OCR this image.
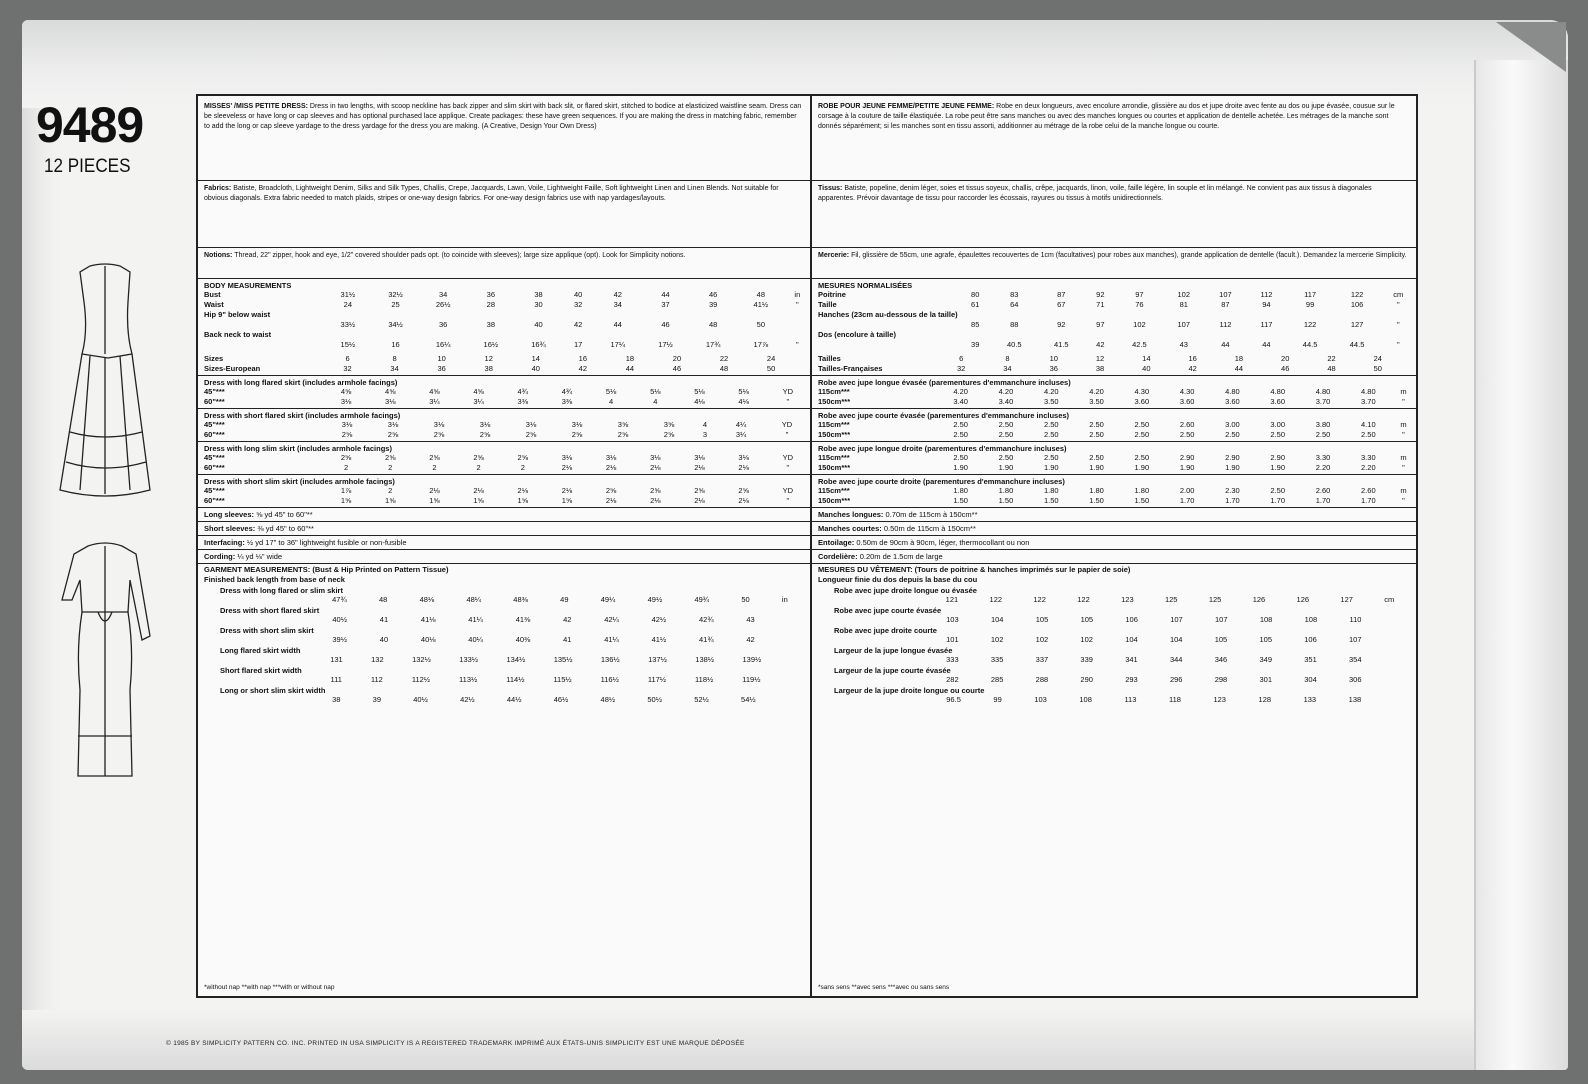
9489
12 PIECES

MISSES' /MISS PETITE DRESS: Dress in two lengths, with scoop neckline has back zipper and slim skirt with back slit, or flared skirt, stitched to bodice at elasticized waistline seam. Dress can be sleeveless or have long or cap sleeves and has optional purchased lace applique. Create packages: these have green sequences. If you are making the dress in matching fabric, remember to add the long or cap sleeve yardage to the dress yardage for the dress you are making. (A Creative, Design Your Own Dress)

Fabrics: Batiste, Broadcloth, Lightweight Denim, Silks and Silk Types, Challis, Crepe, Jacquards, Lawn, Voile, Lightweight Faille, Soft lightweight Linen and Linen Blends. Not suitable for obvious diagonals. Extra fabric needed to match plaids, stripes or one-way design fabrics. For one-way design fabrics use with nap yardages/layouts.

Notions: Thread, 22" zipper, hook and eye, 1/2" covered shoulder pads opt. (to coincide with sleeves); large size applique (opt). Look for Simplicity notions.

BODY MEASUREMENTS

Bust	31½	32½	34	36	38	40	42	44	46	48	in
Waist	24	25	26½	28	30	32	34	37	39	41½	"
Hip 9" below waist											
	33½	34½	36	38	40	42	44	46	48	50	
Back neck to waist											
	15½	16	16¼	16½	16¾	17	17¼	17½	17¾	17⅞	"
Sizes	6	8	10	12	14	16	18	20	22	24	
Sizes-European	32	34	36	38	40	42	44	46	48	50	

Dress with long flared skirt (includes armhole facings)

45"***	4⅝	4⅝	4⅝	4⅝	4¾	4¾	5⅛	5⅛	5⅛	5⅛	YD
60"***	3⅛	3⅛	3¼	3¼	3⅜	3⅜	4	4	4⅛	4⅛	"

Dress with short flared skirt (includes armhole facings)

45"***	3⅛	3⅛	3⅛	3⅛	3⅛	3⅛	3⅝	3⅝	4	4¼	YD
60"***	2⅝	2⅝	2⅝	2⅝	2⅝	2⅝	2⅝	2⅝	3	3¼	"

Dress with long slim skirt (includes armhole facings)

45"***	2⅝	2⅝	2⅝	2⅝	2⅝	3⅛	3⅛	3⅛	3⅛	3⅛	YD
60"***	2	2	2	2	2	2⅛	2⅛	2⅛	2⅛	2⅛	"

Dress with short slim skirt (includes armhole facings)

45"***	1⅞	2	2⅛	2⅛	2⅛	2⅛	2⅝	2⅝	2⅝	2⅝	YD
60"***	1⅝	1⅝	1⅝	1⅝	1⅝	1⅝	2⅛	2⅛	2⅛	2⅛	"

Long sleeves: ⅝ yd 45" to 60"**

Short sleeves: ⅜ yd 45" to 60"**

Interfacing: ½ yd 17" to 36" lightweight fusible or non-fusible

Cording: ¼ yd ⅛" wide

GARMENT MEASUREMENTS: (Bust & Hip Printed on Pattern Tissue)

Finished back length from base of neck

Dress with long flared or slim skirt

47¾	48	48⅛	48¼	48⅜	49	49¼	49½	49¾	50	in

Dress with short flared skirt

40½	41	41⅛	41¼	41⅜	42	42¼	42½	42¾	43

Dress with short slim skirt

39½	40	40⅛	40¼	40⅜	41	41¼	41½	41¾	42

Long flared skirt width

131	132	132½	133½	134½	135½	136½	137½	138½	139½

Short flared skirt width

111	112	112½	113½	114½	115½	116½	117½	118½	119½

Long or short slim skirt width

38	39	40½	42½	44½	46½	48½	50½	52½	54½
*without nap **with nap ***with or without nap

ROBE POUR JEUNE FEMME/PETITE JEUNE FEMME: Robe en deux longueurs, avec encolure arrondie, glissière au dos et jupe droite avec fente au dos ou jupe évasée, cousue sur le corsage à la couture de taille élastiquée. La robe peut être sans manches ou avec des manches longues ou courtes et application de dentelle achetée. Les métrages de la manche sont donnés séparément; si les manches sont en tissu assorti, additionner au métrage de la robe celui de la manche longue ou courte.

Tissus: Batiste, popeline, denim léger, soies et tissus soyeux, challis, crêpe, jacquards, linon, voile, faille légère, lin souple et lin mélangé. Ne convient pas aux tissus à diagonales apparentes. Prévoir davantage de tissu pour raccorder les écossais, rayures ou tissus à motifs unidirectionnels.

Mercerie: Fil, glissière de 55cm, une agrafe, épaulettes recouvertes de 1cm (facultatives) pour robes aux manches), grande application de dentelle (facult.). Demandez la mercerie Simplicity.

MESURES NORMALISÉES

Poitrine	80	83	87	92	97	102	107	112	117	122	cm
Taille	61	64	67	71	76	81	87	94	99	106	"
Hanches (23cm au-dessous de la taille)											
	85	88	92	97	102	107	112	117	122	127	"
Dos (encolure à taille)											
	39	40.5	41.5	42	42.5	43	44	44	44.5	44.5	"
Tailles	6	8	10	12	14	16	18	20	22	24	
Tailles-Françaises	32	34	36	38	40	42	44	46	48	50	

Robe avec jupe longue évasée (parementures d'emmanchure incluses)

115cm***	4.20	4.20	4.20	4.20	4.30	4.30	4.80	4.80	4.80	4.80	m
150cm***	3.40	3.40	3.50	3.50	3.60	3.60	3.60	3.60	3.70	3.70	"

Robe avec jupe courte évasée (parementures d'emmanchure incluses)

115cm***	2.50	2.50	2.50	2.50	2.50	2.60	3.00	3.00	3.80	4.10	m
150cm***	2.50	2.50	2.50	2.50	2.50	2.50	2.50	2.50	2.50	2.50	"

Robe avec jupe longue droite (parementures d'emmanchure incluses)

115cm***	2.50	2.50	2.50	2.50	2.50	2.90	2.90	2.90	3.30	3.30	m
150cm***	1.90	1.90	1.90	1.90	1.90	1.90	1.90	1.90	2.20	2.20	"

Robe avec jupe courte droite (parementures d'emmanchure incluses)

115cm***	1.80	1.80	1.80	1.80	1.80	2.00	2.30	2.50	2.60	2.60	m
150cm***	1.50	1.50	1.50	1.50	1.50	1.70	1.70	1.70	1.70	1.70	"

Manches longues: 0.70m de 115cm à 150cm**

Manches courtes: 0.50m de 115cm à 150cm**

Entoilage: 0.50m de 90cm à 90cm, léger, thermocollant ou non

Cordelière: 0.20m de 1.5cm de large

MESURES DU VÊTEMENT: (Tours de poitrine & hanches imprimés sur le papier de soie)

Longueur finie du dos depuis la base du cou

Robe avec jupe droite longue ou évasée

121	122	122	122	123	125	125	126	126	127	cm

Robe avec jupe courte évasée

103	104	105	105	106	107	107	108	108	110

Robe avec jupe droite courte

101	102	102	102	104	104	105	105	106	107

Largeur de la jupe longue évasée

333	335	337	339	341	344	346	349	351	354

Largeur de la jupe courte évasée

282	285	288	290	293	296	298	301	304	306

Largeur de la jupe droite longue ou courte

96.5	99	103	108	113	118	123	128	133	138
*sans sens **avec sens ***avec ou sans sens
© 1985 BY SIMPLICITY PATTERN CO. INC. PRINTED IN USA SIMPLICITY IS A REGISTERED TRADEMARK IMPRIMÉ AUX ÉTATS-UNIS SIMPLICITY EST UNE MARQUE DÉPOSÉE
